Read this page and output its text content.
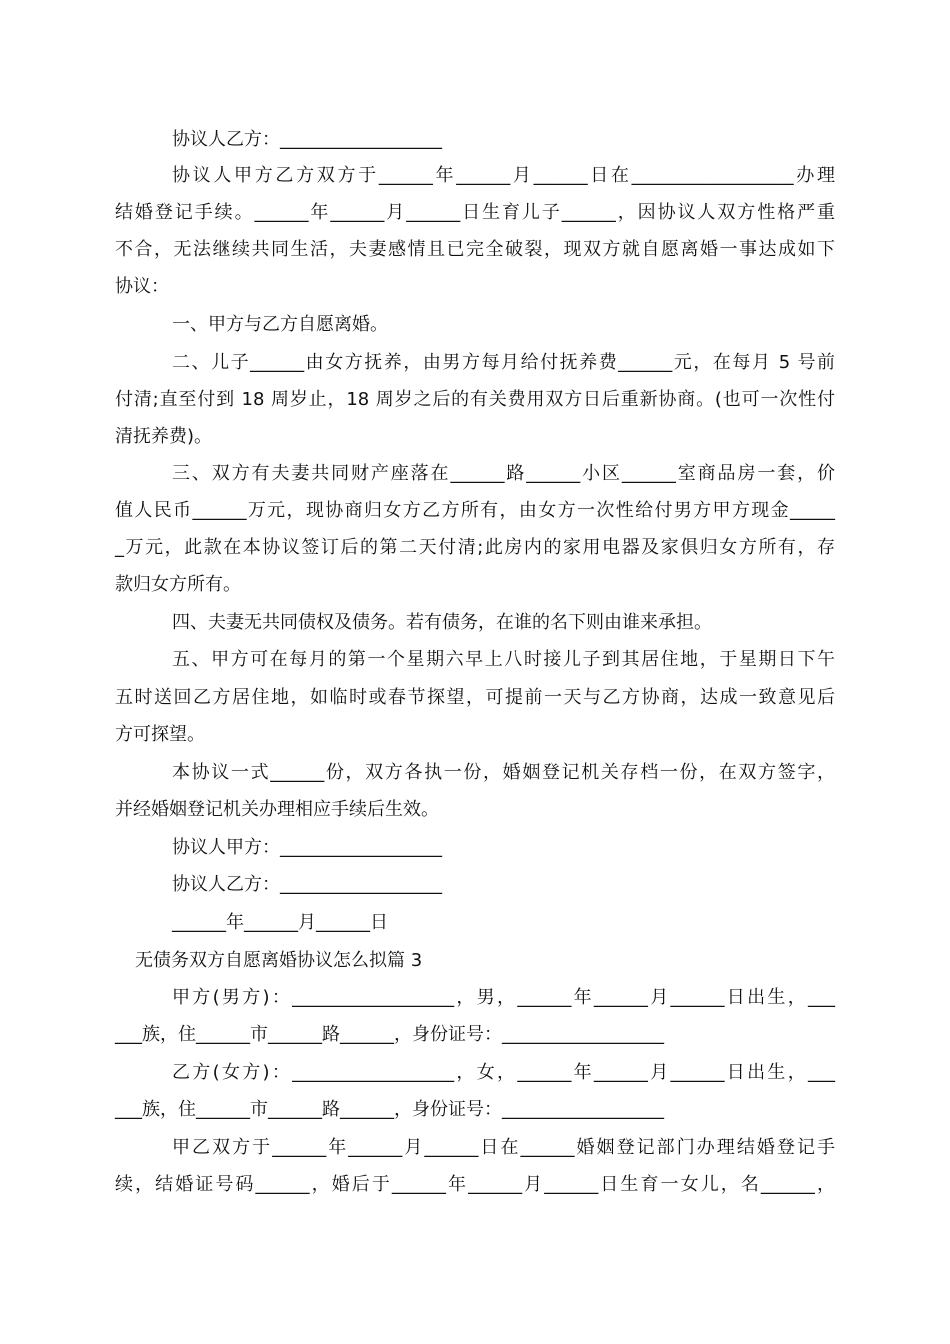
协议人乙方：__________________
协议人甲方乙方双方于______年______月______日在__________________办理
结婚登记手续。______年______月______日生育儿子______，因协议人双方性格严重
不合，无法继续共同生活，夫妻感情且已完全破裂，现双方就自愿离婚一事达成如下
协议：
一、甲方与乙方自愿离婚。
二、儿子______由女方抚养，由男方每月给付抚养费______元，在每月 5 号前
付清;直至付到 18 周岁止，18 周岁之后的有关费用双方日后重新协商。(也可一次性付
清抚养费)。
三、双方有夫妻共同财产座落在______路______小区______室商品房一套，价
值人民币______万元，现协商归女方乙方所有，由女方一次性给付男方甲方现金_____
_万元，此款在本协议签订后的第二天付清;此房内的家用电器及家俱归女方所有，存
款归女方所有。
四、夫妻无共同债权及债务。若有债务，在谁的名下则由谁来承担。
五、甲方可在每月的第一个星期六早上八时接儿子到其居住地，于星期日下午
五时送回乙方居住地，如临时或春节探望，可提前一天与乙方协商，达成一致意见后
方可探望。
本协议一式______份，双方各执一份，婚姻登记机关存档一份，在双方签字，
并经婚姻登记机关办理相应手续后生效。
协议人甲方：__________________
协议人乙方：__________________
______年______月______日
无债务双方自愿离婚协议怎么拟篇 3
甲方(男方)：__________________，男，______年______月______日出生，___
___族，住______市______路______，身份证号：__________________
乙方(女方)：__________________，女，______年______月______日出生，___
___族，住______市______路______，身份证号：__________________
甲乙双方于______年______月______日在______婚姻登记部门办理结婚登记手
续，结婚证号码______，婚后于______年______月______日生育一女儿，名______，
